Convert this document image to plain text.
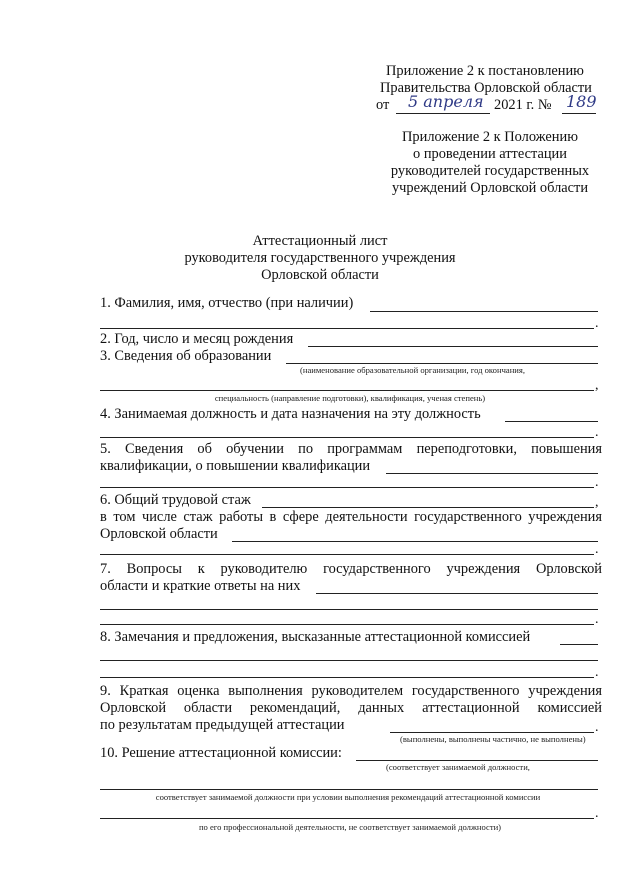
Приложение 2 к постановлению
Правительства Орловской области
от 5 апреля 2021 г. № 189
Приложение 2 к Положению
о проведении аттестации
руководителей государственных
учреждений Орловской области
Аттестационный лист
руководителя государственного учреждения
Орловской области
1. Фамилия, имя, отчество (при наличии)
.
2. Год, число и месяц рождения
3. Сведения об образовании
(наименование образовательной организации, год окончания,
,
специальность (направление подготовки), квалификация, ученая степень)
4. Занимаемая должность и дата назначения на эту должность
.
5. Сведения об обучении по программам переподготовки, повышения
квалификации, о повышении квалификации
.
6. Общий трудовой стаж	,
в том числе стаж работы в сфере деятельности государственного учреждения
Орловской области
.
7. Вопросы к руководителю государственного учреждения Орловской
области и краткие ответы на них
.
8. Замечания и предложения, высказанные аттестационной комиссией
.
9. Краткая оценка выполнения руководителем государственного учреждения
Орловской области рекомендаций, данных аттестационной комиссией
по результатам предыдущей аттестации	.
(выполнены, выполнены частично, не выполнены)
10. Решение аттестационной комиссии:
(соответствует занимаемой должности,
соответствует занимаемой должности при условии выполнения рекомендаций аттестационной комиссии
.
по его профессиональной деятельности, не соответствует занимаемой должности)
